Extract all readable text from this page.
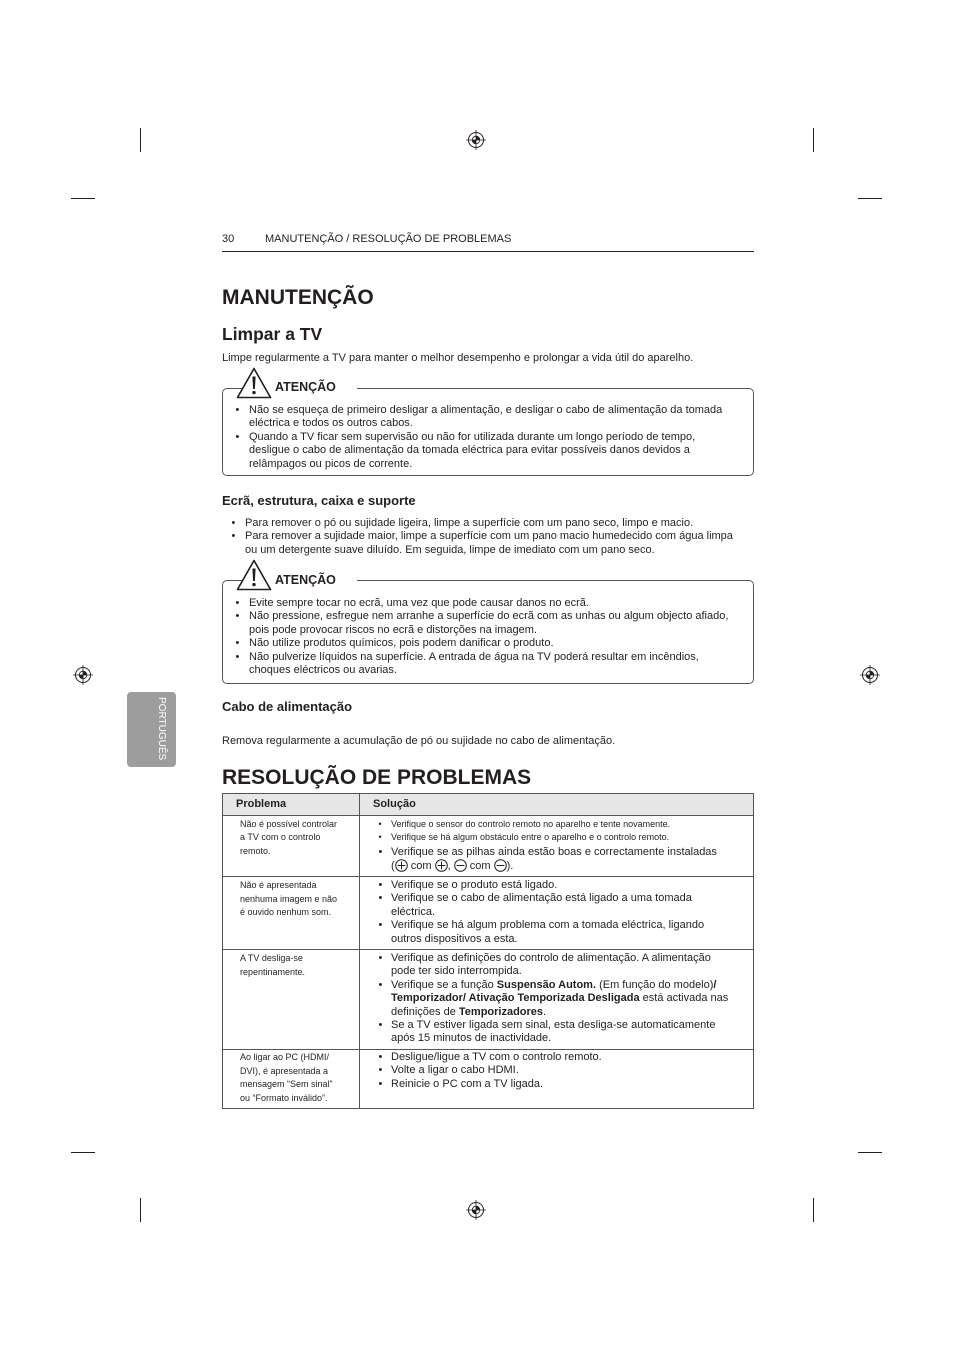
30	MANUTENÇÃO / RESOLUÇÃO DE PROBLEMAS
PORTUGUÊS
MANUTENÇÃO
Limpar a TV
Limpe regularmente a TV para manter o melhor desempenho e prolongar a vida útil do aparelho.
ATENÇÃO
• Não se esqueça de primeiro desligar a alimentação, e desligar o cabo de alimentação da tomada
eléctrica e todos os outros cabos.
• Quando a TV ficar sem supervisão ou não for utilizada durante um longo período de tempo,
desligue o cabo de alimentação da tomada eléctrica para evitar possíveis danos devidos a
relâmpagos ou picos de corrente.
Ecrã, estrutura, caixa e suporte
• Para remover o pó ou sujidade ligeira, limpe a superfície com um pano seco, limpo e macio.
• Para remover a sujidade maior, limpe a superfície com um pano macio humedecido com água limpa
ou um detergente suave diluído. Em seguida, limpe de imediato com um pano seco.
ATENÇÃO
• Evite sempre tocar no ecrã, uma vez que pode causar danos no ecrã.
• Não pressione, esfregue nem arranhe a superfície do ecrã com as unhas ou algum objecto afiado,
pois pode provocar riscos no ecrã e distorções na imagem.
• Não utilize produtos químicos, pois podem danificar o produto.
• Não pulverize líquidos na superfície. A entrada de água na TV poderá resultar em incêndios,
choques eléctricos ou avarias.
Cabo de alimentação
Remova regularmente a acumulação de pó ou sujidade no cabo de alimentação.
RESOLUÇÃO DE PROBLEMAS
Problema	Solução
Não é possível controlar
a TV com o controlo
remoto.
• Verifique o sensor do controlo remoto no aparelho e tente novamente.
• Verifique se há algum obstáculo entre o aparelho e o controlo remoto.
• Verifique se as pilhas ainda estão boas e correctamente instaladas
(
com
,
com
).
Não é apresentada
nenhuma imagem e não
é ouvido nenhum som.
• Verifique se o produto está ligado.
• Verifique se o cabo de alimentação está ligado a uma tomada
eléctrica.
• Verifique se há algum problema com a tomada eléctrica, ligando
outros dispositivos a esta.
A TV desliga-se
repentinamente.
• Verifique as definições do controlo de alimentação. A alimentação
pode ter sido interrompida.
• Verifique se a função Suspensão Autom. (Em função do modelo)/
Temporizador/ Ativação Temporizada Desligada está activada nas
definições de Temporizadores.
• Se a TV estiver ligada sem sinal, esta desliga-se automaticamente
após 15 minutos de inactividade.
Ao ligar ao PC (HDMI/
DVI), é apresentada a
mensagem “Sem sinal”
ou “Formato inválido”.
• Desligue/ligue a TV com o controlo remoto.
• Volte a ligar o cabo HDMI.
• Reinicie o PC com a TV ligada.
